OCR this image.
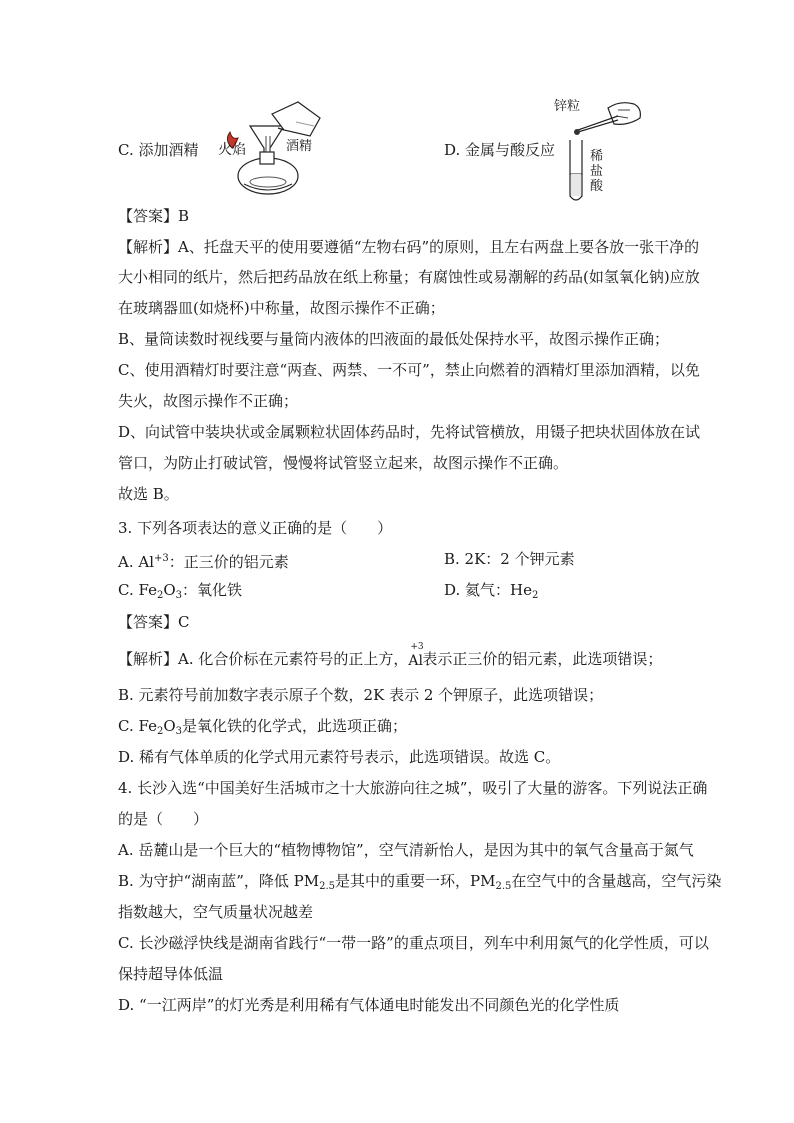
C. 添加酒精 火焰	酒精	D. 金属与酸反应
锌粒
稀
盐
酸
【答案】B
【解析】A、托盘天平的使用要遵循“左物右码”的原则，且左右两盘上要各放一张干净的
大小相同的纸片，然后把药品放在纸上称量；有腐蚀性或易潮解的药品(如氢氧化钠)应放
在玻璃器皿(如烧杯)中称量，故图示操作不正确；
B、量筒读数时视线要与量筒内液体的凹液面的最低处保持水平，故图示操作正确；
C、使用酒精灯时要注意“两查、两禁、一不可”，禁止向燃着的酒精灯里添加酒精，以免
失火，故图示操作不正确；
D、向试管中装块状或金属颗粒状固体药品时，先将试管横放，用镊子把块状固体放在试
管口，为防止打破试管，慢慢将试管竖立起来，故图示操作不正确。
故选 B。
3. 下列各项表达的意义正确的是（　　）
A. $Al^{+3}$：正三价的铝元素	B. 2K：2 个钾元素
C. $Fe_2O_3$：氧化铁	D. 氦气：$He_2$
【答案】C
【解析】A. 化合价标在元素符号的正上方，
+3
Al 表示正三价的铝元素，此选项错误；
B. 元素符号前加数字表示原子个数，2K 表示 2 个钾原子，此选项错误；
C. $Fe_2O_3$是氧化铁的化学式，此选项正确；
D. 稀有气体单质的化学式用元素符号表示，此选项错误。故选 C。
4. 长沙入选“中国美好生活城市之十大旅游向往之城”，吸引了大量的游客。下列说法正确
的是（　　）
A. 岳麓山是一个巨大的“植物博物馆”，空气清新怡人，是因为其中的氧气含量高于氮气
B. 为守护“湖南蓝”，降低 $PM_{2.5}$是其中的重要一环，$PM_{2.5}$在空气中的含量越高，空气污染
指数越大，空气质量状况越差
C. 长沙磁浮快线是湖南省践行“一带一路”的重点项目，列车中利用氮气的化学性质，可以
保持超导体低温
D. “一江两岸”的灯光秀是利用稀有气体通电时能发出不同颜色光的化学性质
